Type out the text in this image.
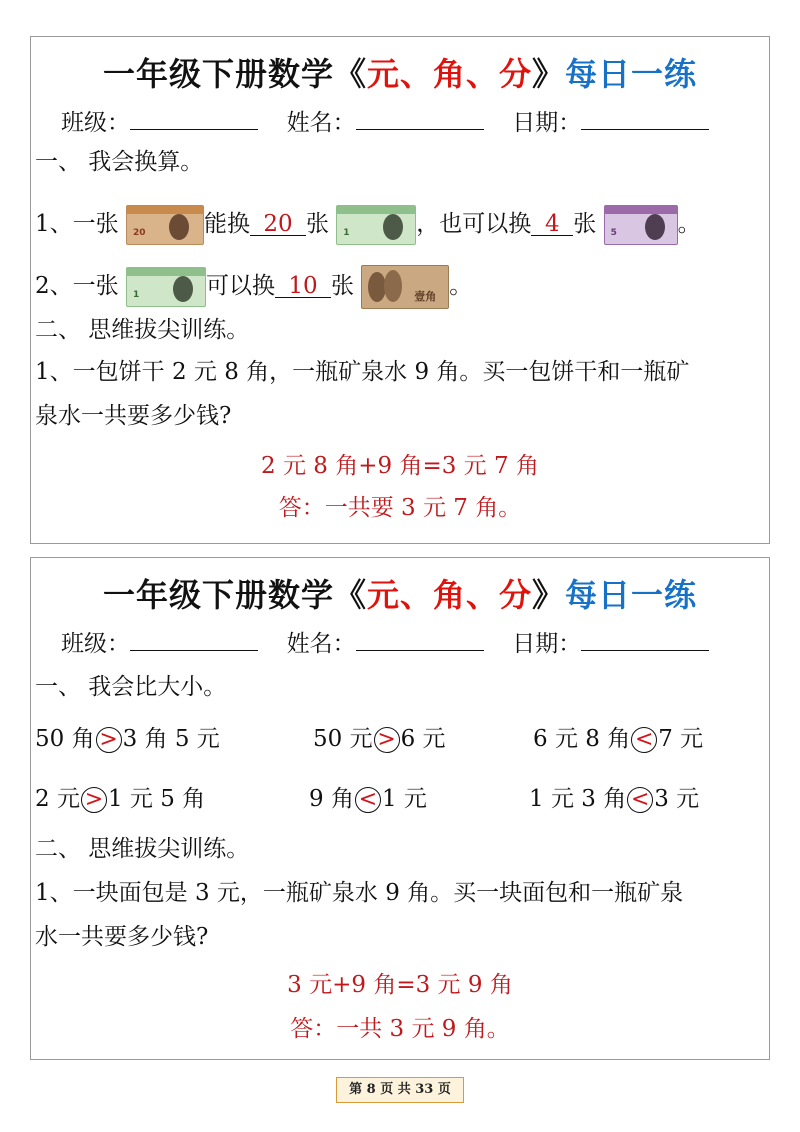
一年级下册数学《元、角、分》每日一练
班级：	姓名：	日期：
一、 我会换算。
1、一张 20	能换 20 张 1	，也可以换 4 张 5	。
2、一张 1	可以换 10 张	壹角 。
二、 思维拔尖训练。
1、一包饼干 2 元 8 角，一瓶矿泉水 9 角。买一包饼干和一瓶矿
泉水一共要多少钱?
2 元 8 角+9 角=3 元 7 角
答：一共要 3 元 7 角。
一年级下册数学《元、角、分》每日一练
班级：	姓名：	日期：
一、 我会比大小。
50 角 > 3 角 5 元	50 元 > 6 元	6 元 8 角 < 7 元
2 元 > 1 元 5 角	9 角 < 1 元	1 元 3 角 < 3 元
二、 思维拔尖训练。
1、一块面包是 3 元，一瓶矿泉水 9 角。买一块面包和一瓶矿泉
水一共要多少钱?
3 元+9 角=3 元 9 角
答：一共 3 元 9 角。
第 8 页 共 33 页
